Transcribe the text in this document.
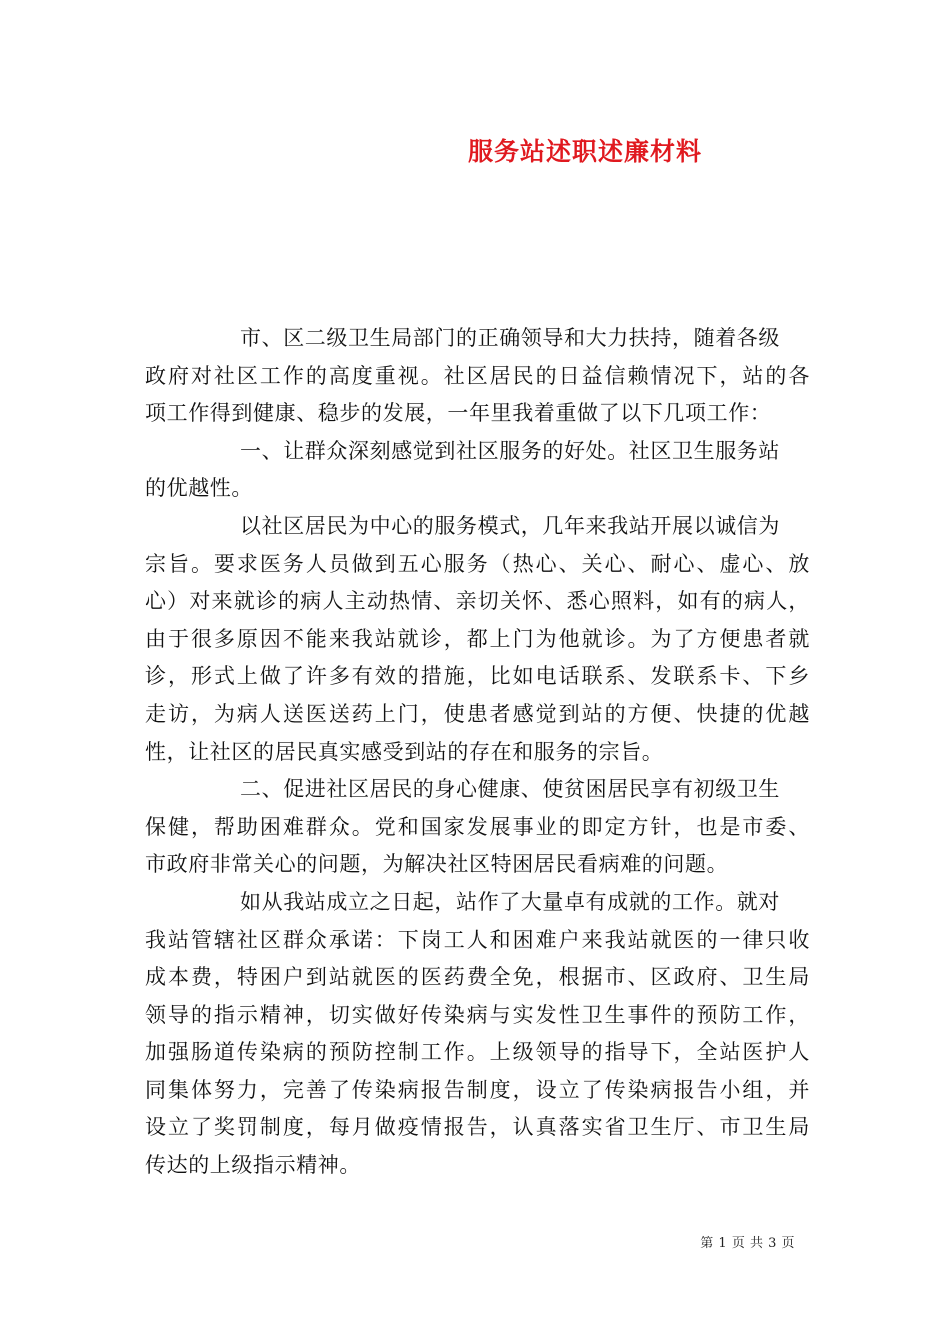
服务站述职述廉材料
市、区二级卫生局部门的正确领导和大力扶持，随着各级
政府对社区工作的高度重视。社区居民的日益信赖情况下，站的各
项工作得到健康、稳步的发展，一年里我着重做了以下几项工作：
一、让群众深刻感觉到社区服务的好处。社区卫生服务站
的优越性。
以社区居民为中心的服务模式，几年来我站开展以诚信为
宗旨。要求医务人员做到五心服务（热心、关心、耐心、虚心、放
心）对来就诊的病人主动热情、亲切关怀、悉心照料，如有的病人，
由于很多原因不能来我站就诊，都上门为他就诊。为了方便患者就
诊，形式上做了许多有效的措施，比如电话联系、发联系卡、下乡
走访，为病人送医送药上门，使患者感觉到站的方便、快捷的优越
性，让社区的居民真实感受到站的存在和服务的宗旨。
二、促进社区居民的身心健康、使贫困居民享有初级卫生
保健，帮助困难群众。党和国家发展事业的即定方针，也是市委、
市政府非常关心的问题，为解决社区特困居民看病难的问题。
如从我站成立之日起，站作了大量卓有成就的工作。就对
我站管辖社区群众承诺：下岗工人和困难户来我站就医的一律只收
成本费，特困户到站就医的医药费全免，根据市、区政府、卫生局
领导的指示精神，切实做好传染病与实发性卫生事件的预防工作，
加强肠道传染病的预防控制工作。上级领导的指导下，全站医护人
同集体努力，完善了传染病报告制度，设立了传染病报告小组，并
设立了奖罚制度，每月做疫情报告，认真落实省卫生厅、市卫生局
传达的上级指示精神。
第 1 页 共 3 页
